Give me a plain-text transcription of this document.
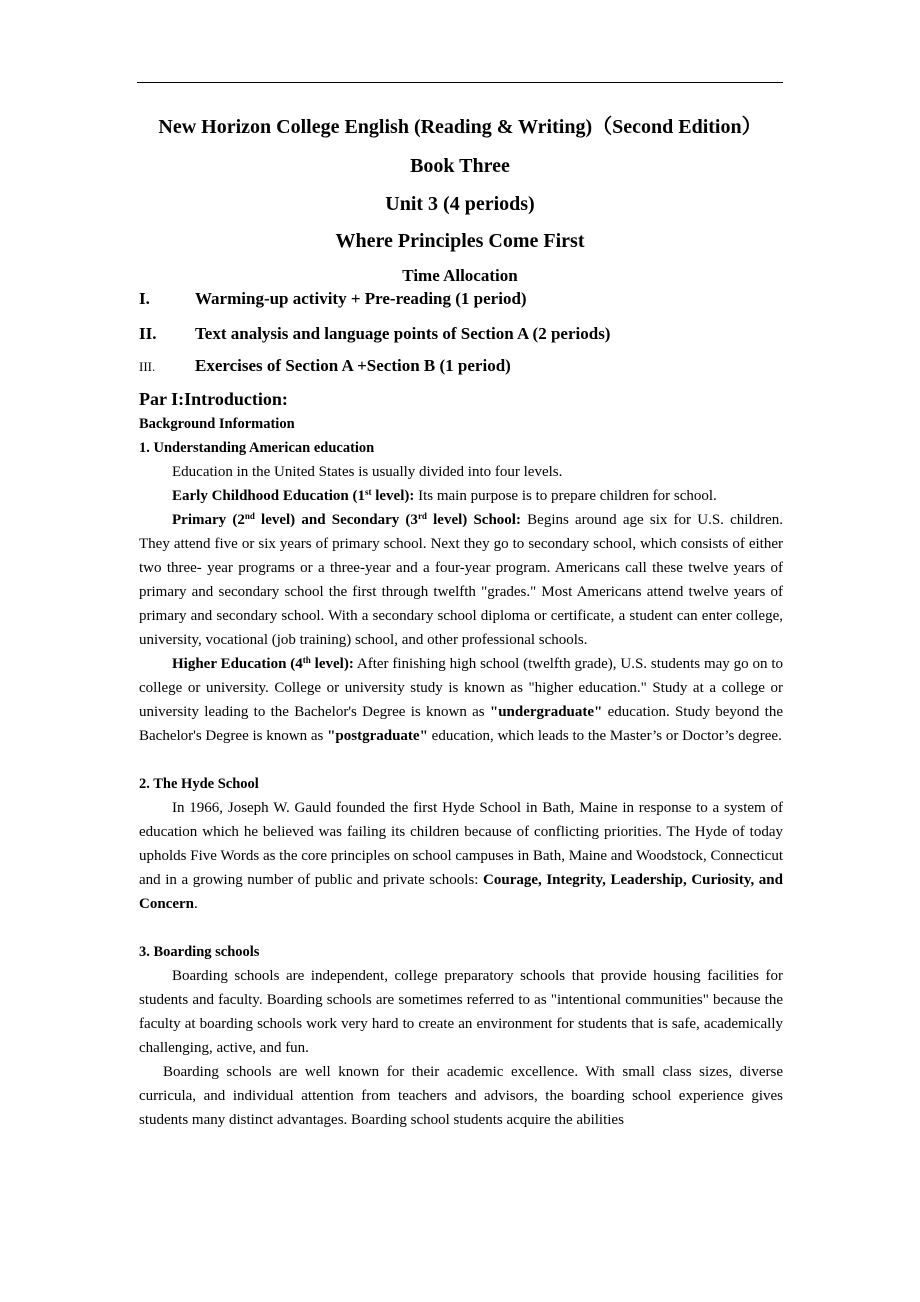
New Horizon College English (Reading & Writing)（Second Edition）
Book Three
Unit 3 (4 periods)
Where Principles Come First
Time Allocation
I.	Warming-up activity + Pre-reading (1 period)
II. Text analysis and language points of Section A (2 periods)
III. Exercises of Section A +Section B (1 period)
Par I:Introduction:

Background Information

1. Understanding American education

Education in the United States is usually divided into four levels.

Early Childhood Education (1st level): Its main purpose is to prepare children for school.

Primary (2nd level) and Secondary (3rd level) School: Begins around age six for U.S. children. They attend five or six years of primary school. Next they go to secondary school, which consists of either two three- year programs or a three-year and a four-year program. Americans call these twelve years of primary and secondary school the first through twelfth "grades." Most Americans attend twelve years of primary and secondary school. With a secondary school diploma or certificate, a student can enter college, university, vocational (job training) school, and other professional schools.

Higher Education (4th level): After finishing high school (twelfth grade), U.S. students may go on to college or university. College or university study is known as "higher education." Study at a college or university leading to the Bachelor's Degree is known as "undergraduate" education. Study beyond the Bachelor's Degree is known as "postgraduate" education, which leads to the Master’s or Doctor’s degree.

2. The Hyde School

In 1966, Joseph W. Gauld founded the first Hyde School in Bath, Maine in response to a system of education which he believed was failing its children because of conflicting priorities. The Hyde of today upholds Five Words as the core principles on school campuses in Bath, Maine and Woodstock, Connecticut and in a growing number of public and private schools: Courage, Integrity, Leadership, Curiosity, and Concern.

3. Boarding schools

Boarding schools are independent, college preparatory schools that provide housing facilities for students and faculty. Boarding schools are sometimes referred to as "intentional communities" because the faculty at boarding schools work very hard to create an environment for students that is safe, academically challenging, active, and fun.

Boarding schools are well known for their academic excellence. With small class sizes, diverse curricula, and individual attention from teachers and advisors, the boarding school experience gives students many distinct advantages. Boarding school students acquire the abilities
